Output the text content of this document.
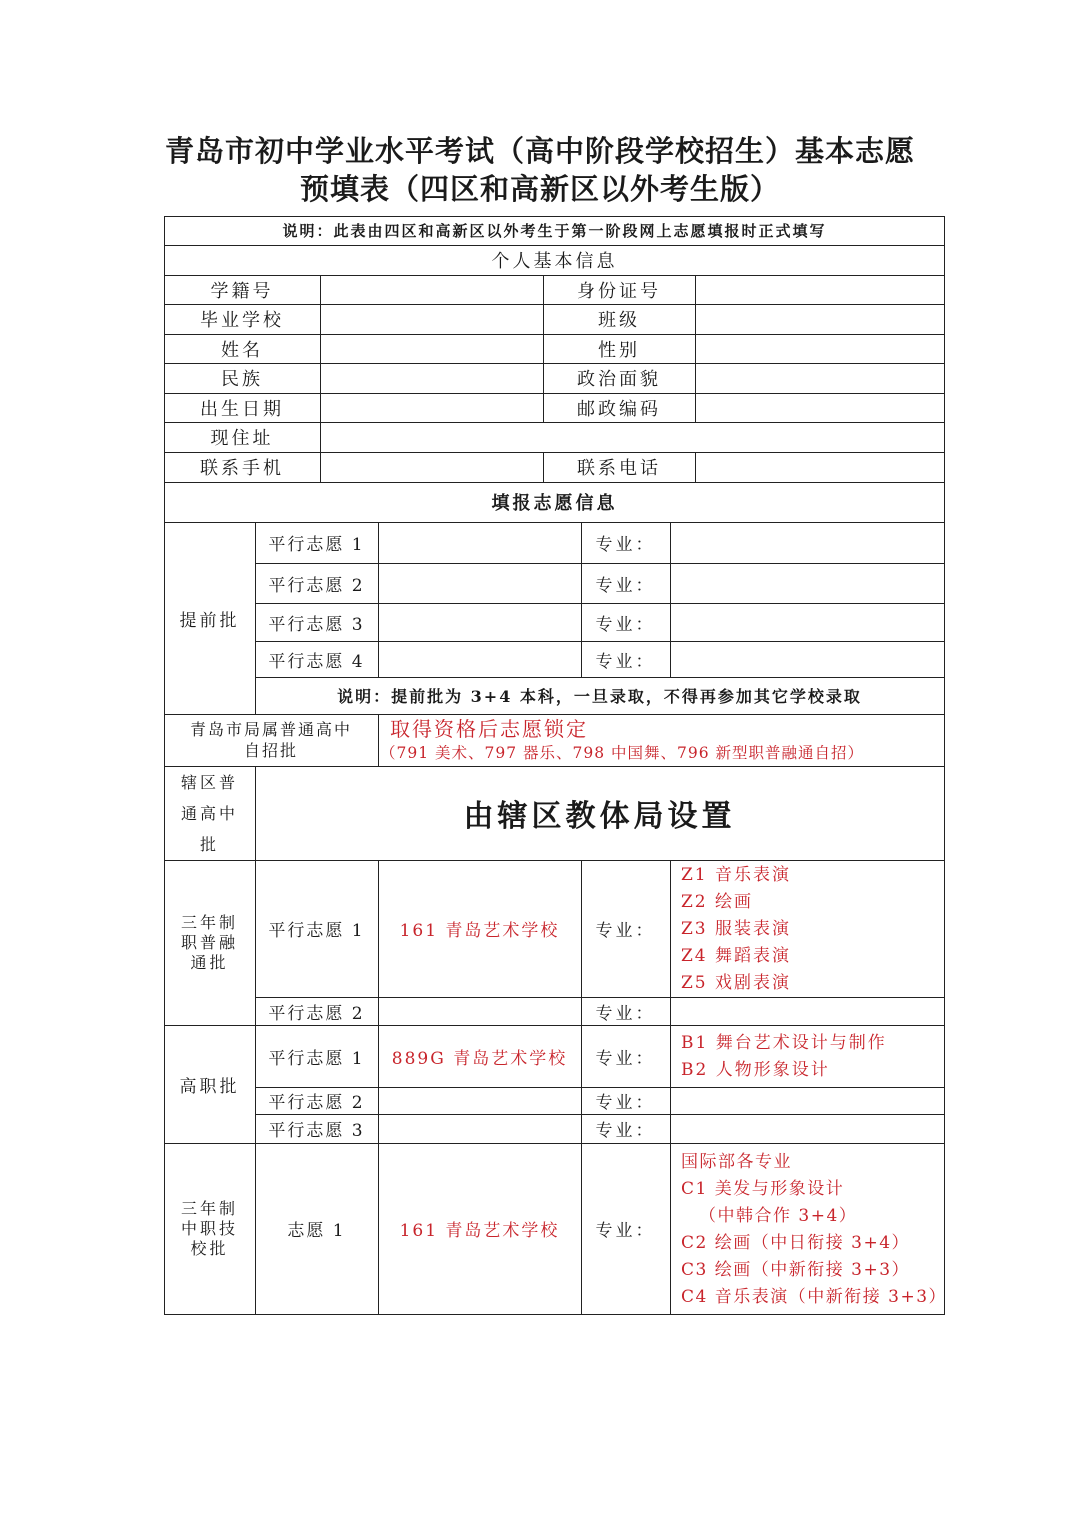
青岛市初中学业水平考试（高中阶段学校招生）基本志愿
预填表（四区和高新区以外考生版）
说明：此表由四区和高新区以外考生于第一阶段网上志愿填报时正式填写
个人基本信息
学籍号	身份证号
毕业学校	班级
姓名	性别
民族	政治面貌
出生日期	邮政编码
现住址
联系手机	联系电话
填报志愿信息
提前批
平行志愿 1	专业：
平行志愿 2	专业：
平行志愿 3	专业：
平行志愿 4	专业：
说明：提前批为 3+4 本科，一旦录取，不得再参加其它学校录取
青岛市局属普通高中
自招批
取得资格后志愿锁定
（791 美术、797 器乐、798 中国舞、796 新型职普融通自招）
辖区普
通高中
批
由辖区教体局设置
三年制
职普融
通批
平行志愿 1	161 青岛艺术学校	专业：
Z1 音乐表演
Z2 绘画
Z3 服装表演
Z4 舞蹈表演
Z5 戏剧表演
平行志愿 2	专业：
高职批
平行志愿 1	889G 青岛艺术学校	专业：
B1 舞台艺术设计与制作
B2 人物形象设计
平行志愿 2	专业：
平行志愿 3	专业：
三年制
中职技
校批
志愿 1	161 青岛艺术学校	专业：
国际部各专业
C1 美发与形象设计
（中韩合作 3+4）
C2 绘画（中日衔接 3+4）
C3 绘画（中新衔接 3+3）
C4 音乐表演（中新衔接 3+3）
